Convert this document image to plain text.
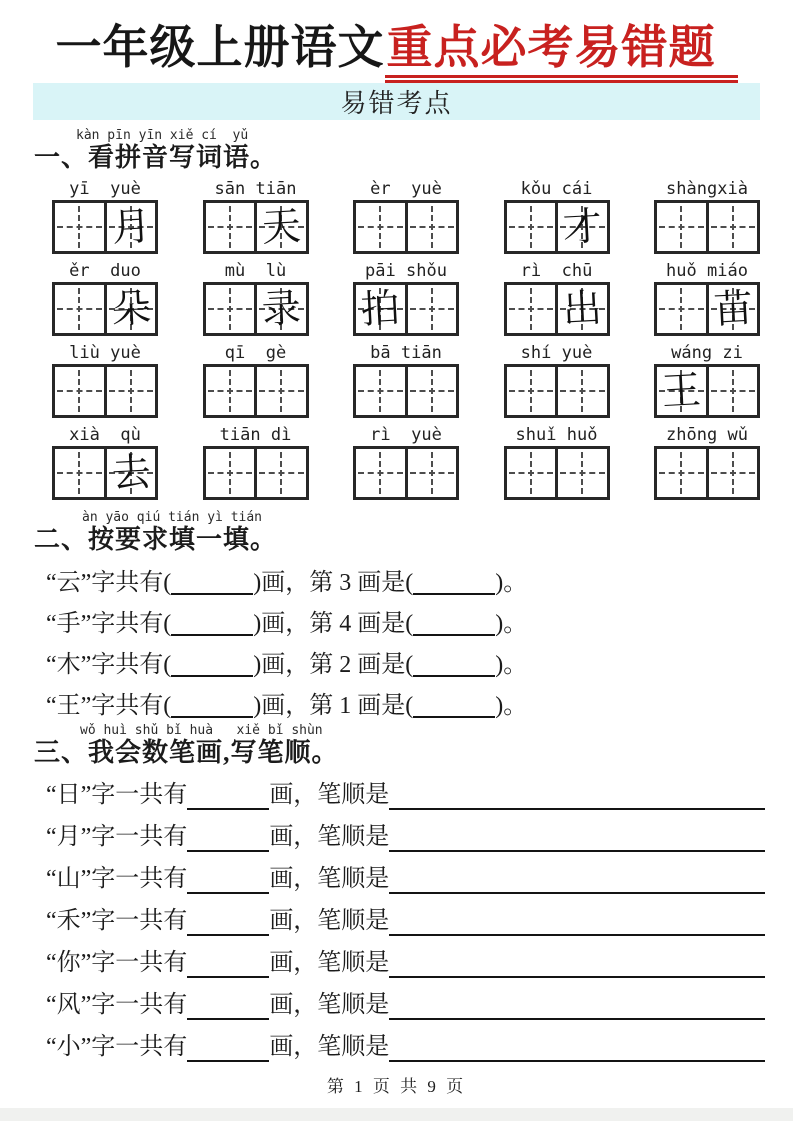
一年级上册语文重点必考易错题
易错考点
kàn pīn yīn xiě cí  yǔ
一、看拼音写词语。
yī  yuè
月
sān tiān
天
èr  yuè	kǒu cái
才
shàngxià
ěr  duo
朵
mù  lù
录
pāi shǒu
拍
rì  chū
出
huǒ miáo
苗
liù yuè	qī  gè	bā tiān	shí yuè	wáng zi
王
xià  qù
去
tiān dì	rì  yuè	shuǐ huǒ	zhōng wǔ
àn yāo qiú tián yì tián
二、按要求填一填。
“云”字共有(	)画，第 3 画是(	)。
“手”字共有(	)画，第 4 画是(	)。
“木”字共有(	)画，第 2 画是(	)。
“王”字共有(	)画，第 1 画是(	)。
wǒ huì shǔ bǐ huà   xiě bǐ shùn
三、我会数笔画,写笔顺。
“日”字一共有	画，笔顺是
“月”字一共有	画，笔顺是
“山”字一共有	画，笔顺是
“禾”字一共有	画，笔顺是
“你”字一共有	画，笔顺是
“风”字一共有	画，笔顺是
“小”字一共有	画，笔顺是
第 1 页 共 9 页
